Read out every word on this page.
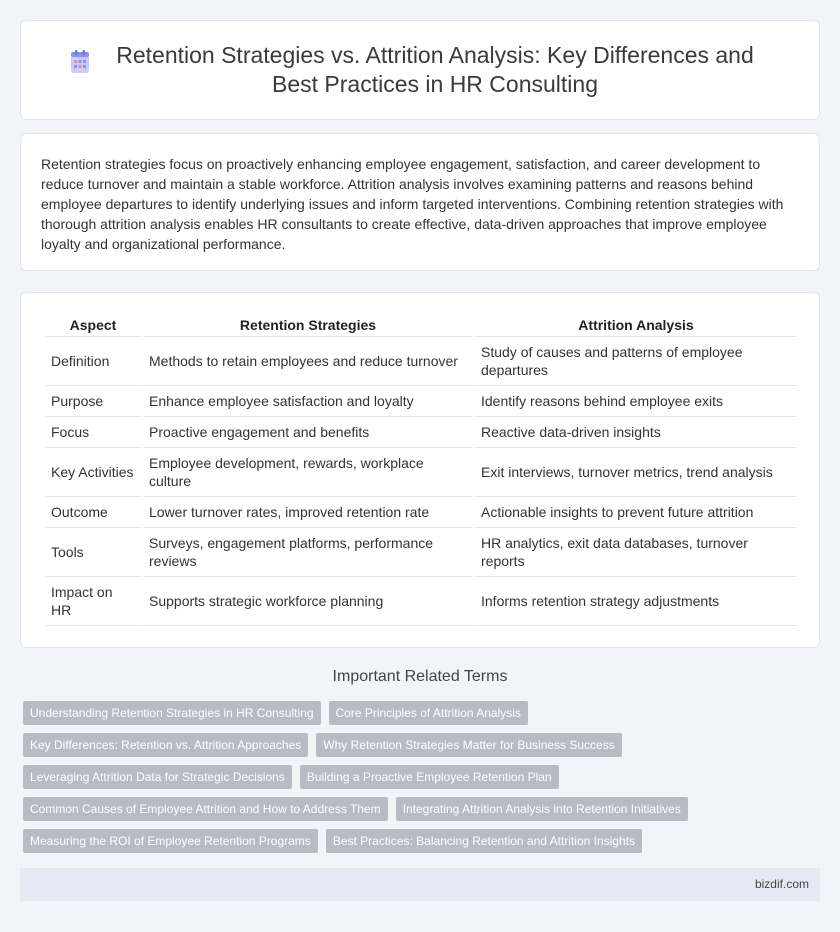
Retention Strategies vs. Attrition Analysis: Key Differences and Best Practices in HR Consulting

Retention strategies focus on proactively enhancing employee engagement, satisfaction, and career development to reduce turnover and maintain a stable workforce. Attrition analysis involves examining patterns and reasons behind employee departures to identify underlying issues and inform targeted interventions. Combining retention strategies with thorough attrition analysis enables HR consultants to create effective, data-driven approaches that improve employee loyalty and organizational performance.

Aspect	Retention Strategies	Attrition Analysis
Definition	Methods to retain employees and reduce turnover	Study of causes and patterns of employee departures
Purpose	Enhance employee satisfaction and loyalty	Identify reasons behind employee exits
Focus	Proactive engagement and benefits	Reactive data-driven insights
Key Activities	Employee development, rewards, workplace culture	Exit interviews, turnover metrics, trend analysis
Outcome	Lower turnover rates, improved retention rate	Actionable insights to prevent future attrition
Tools	Surveys, engagement platforms, performance reviews	HR analytics, exit data databases, turnover reports
Impact on HR	Supports strategic workforce planning	Informs retention strategy adjustments
Important Related Terms
Understanding Retention Strategies in HR Consulting	Core Principles of Attrition Analysis
Key Differences: Retention vs. Attrition Approaches	Why Retention Strategies Matter for Business Success
Leveraging Attrition Data for Strategic Decisions	Building a Proactive Employee Retention Plan
Common Causes of Employee Attrition and How to Address Them	Integrating Attrition Analysis into Retention Initiatives
Measuring the ROI of Employee Retention Programs	Best Practices: Balancing Retention and Attrition Insights
bizdif.com
